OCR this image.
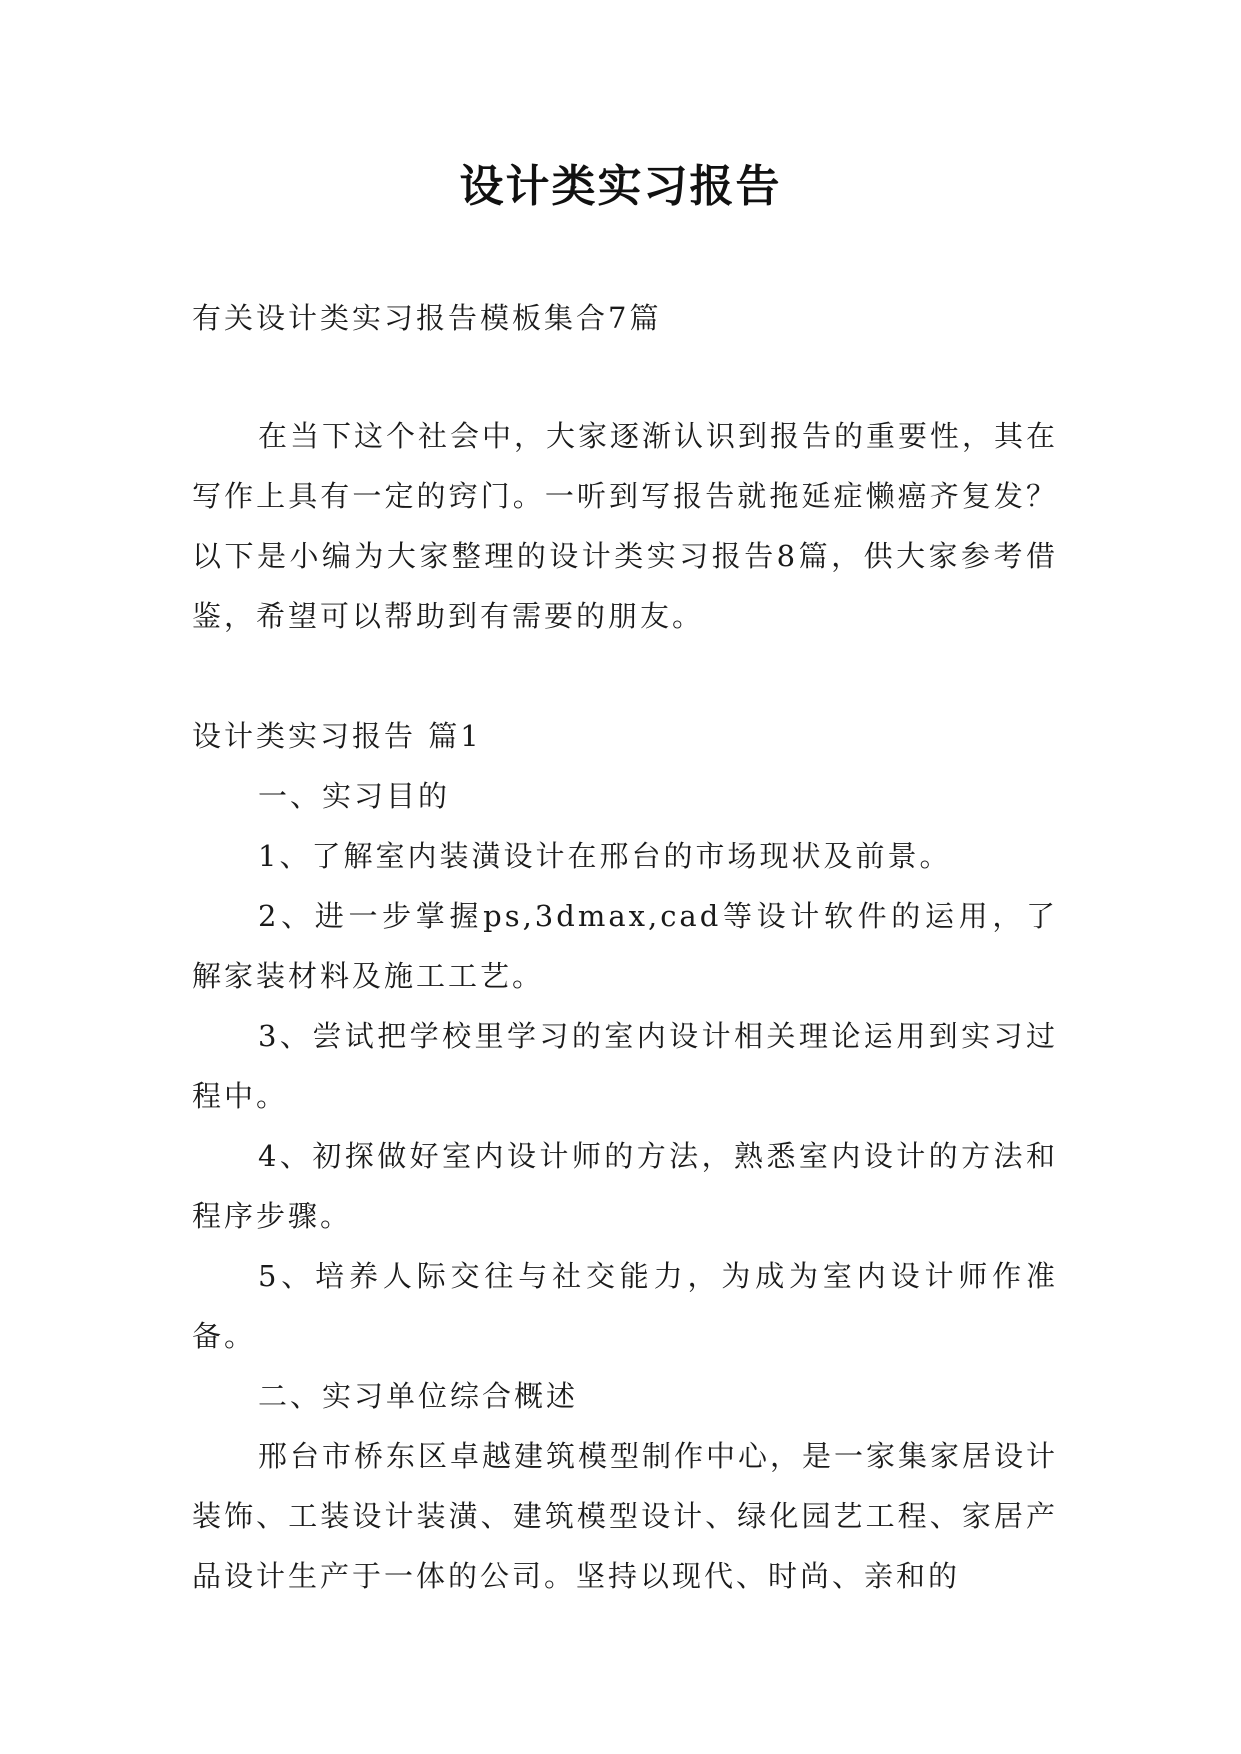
设计类实习报告

有关设计类实习报告模板集合7篇

在当下这个社会中，大家逐渐认识到报告的重要性，其在写作上具有一定的窍门。一听到写报告就拖延症懒癌齐复发？以下是小编为大家整理的设计类实习报告8篇，供大家参考借鉴，希望可以帮助到有需要的朋友。

设计类实习报告 篇1

一、实习目的

1、了解室内装潢设计在邢台的市场现状及前景。

2、进一步掌握ps,3dmax,cad等设计软件的运用，了解家装材料及施工工艺。

3、尝试把学校里学习的室内设计相关理论运用到实习过程中。

4、初探做好室内设计师的方法，熟悉室内设计的方法和程序步骤。

5、培养人际交往与社交能力，为成为室内设计师作准备。

二、实习单位综合概述

邢台市桥东区卓越建筑模型制作中心，是一家集家居设计装饰、工装设计装潢、建筑模型设计、绿化园艺工程、家居产品设计生产于一体的公司。坚持以现代、时尚、亲和的
